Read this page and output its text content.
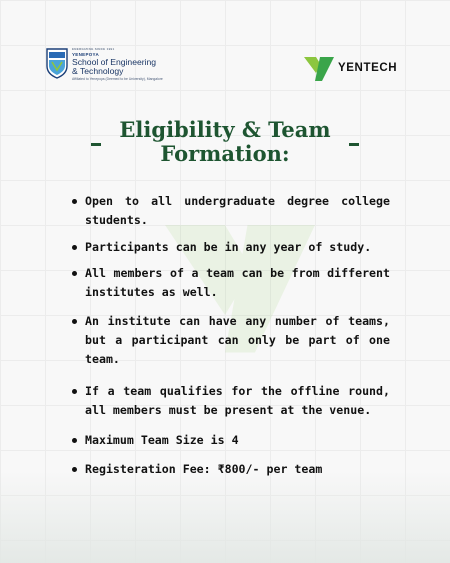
ENERGIZING SINCE 1991
YENEPOYA
School of Engineering
& Technology
Affiliated to Yenepoya (Deemed to be University), Mangalore
YENTECH
Eligibility & Team
Formation:
Open to all undergraduate degree college students.
Participants can be in any year of study.
All members of a team can be from different institutes as well.
An institute can have any number of teams, but a participant can only be part of one team.
If a team qualifies for the offline round, all members must be present at the venue.
Maximum Team Size is 4
Registeration Fee: ₹800/- per team
